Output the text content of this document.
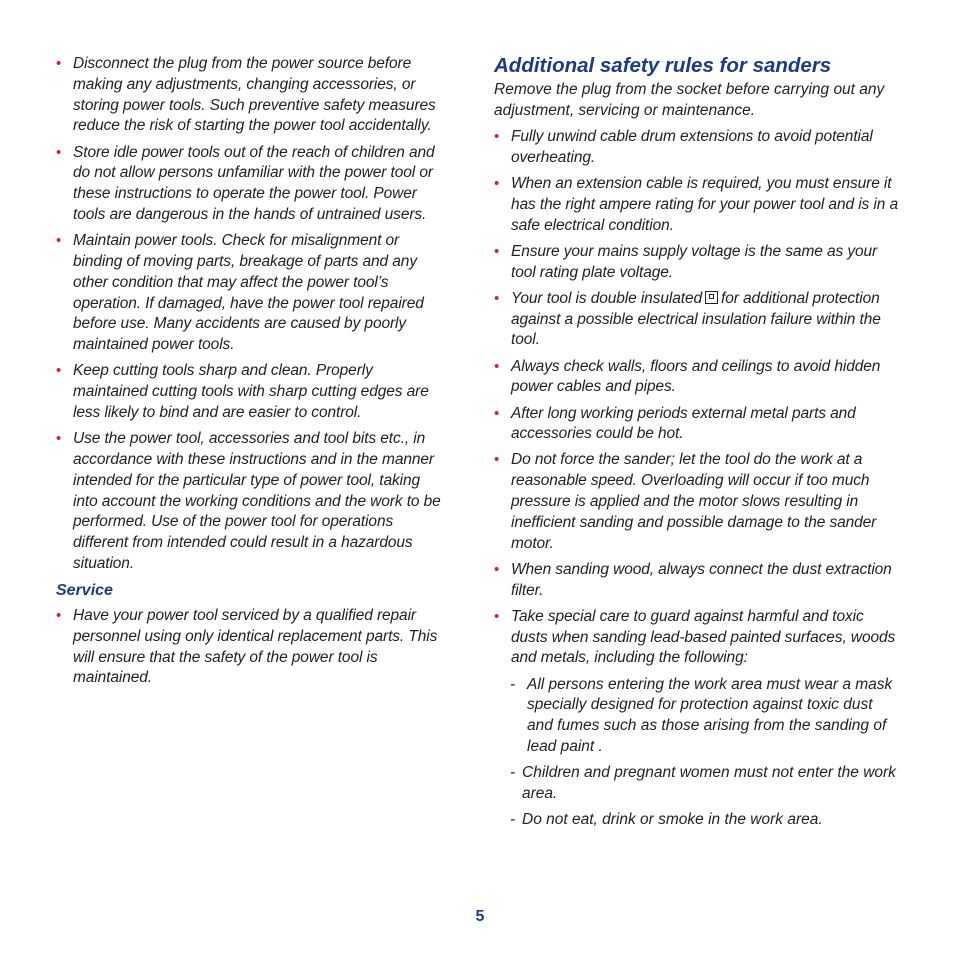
• Disconnect the plug from the power source before making any adjustments, changing accessories, or storing power tools. Such preventive safety measures reduce the risk of starting the power tool accidentally.
• Store idle power tools out of the reach of children and do not allow persons unfamiliar with the power tool or these instructions to operate the power tool. Power tools are dangerous in the hands of untrained users.
• Maintain power tools. Check for misalignment or binding of moving parts, breakage of parts and any other condition that may affect the power tool’s operation. If damaged, have the power tool repaired before use. Many accidents are caused by poorly maintained power tools.
• Keep cutting tools sharp and clean. Properly maintained cutting tools with sharp cutting edges are less likely to bind and are easier to control.
• Use the power tool, accessories and tool bits etc., in accordance with these instructions and in the manner intended for the particular type of power tool, taking into account the working conditions and the work to be performed. Use of the power tool for operations different from intended could result in a hazardous situation.
Service
• Have your power tool serviced by a qualified repair personnel using only identical replacement parts. This will ensure that the safety of the power tool is maintained.
Additional safety rules for sanders
Remove the plug from the socket before carrying out any adjustment, servicing or maintenance.
• Fully unwind cable drum extensions to avoid potential overheating.
• When an extension cable is required, you must ensure it has the right ampere rating for your power tool and is in a safe electrical condition.
• Ensure your mains supply voltage is the same as your tool rating plate voltage.
• Your tool is double insulated for additional protection against a possible electrical insulation failure within the tool.
• Always check walls, floors and ceilings to avoid hidden power cables and pipes.
• After long working periods external metal parts and accessories could be hot.
• Do not force the sander; let the tool do the work at a reasonable speed. Overloading will occur if too much pressure is applied and the motor slows resulting in inefficient sanding and possible damage to the sander motor.
• When sanding wood, always connect the dust extraction filter.
• Take special care to guard against harmful and toxic dusts when sanding lead-based painted surfaces, woods and metals, including the following:
- All persons entering the work area must wear a mask specially designed for protection against toxic dust and fumes such as those arising from the sanding of lead paint .
- Children and pregnant women must not enter the work area.
- Do not eat, drink or smoke in the work area.
5
